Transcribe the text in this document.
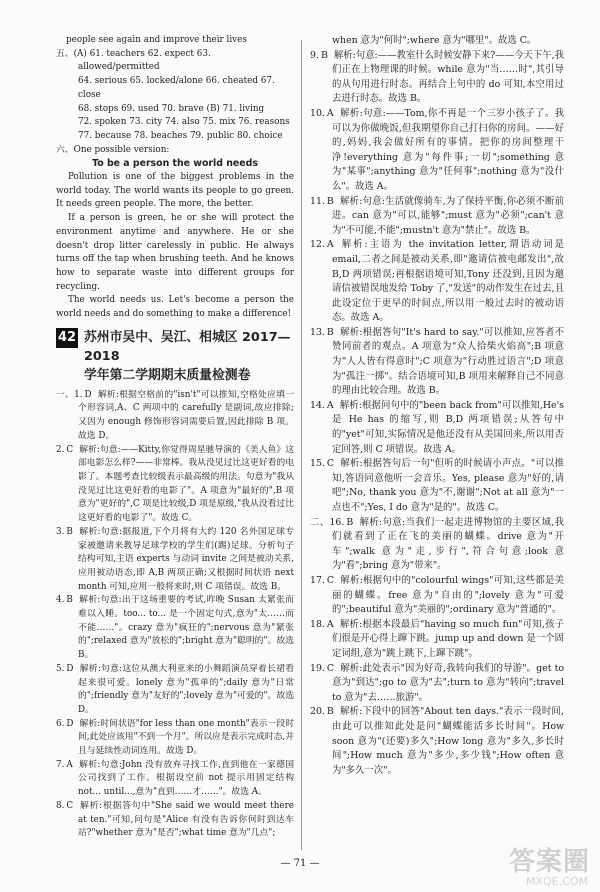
people see again and improve their lives

五、(A) 61. teachers 62. expect 63. allowed/permitted
64. serious 65. locked/alone 66. cheated 67. close
68. stops 69. used 70. brave (B) 71. living
72. spoken 73. city 74. also 75. mix 76. reasons
77. because 78. beaches 79. public 80. choice
六、One possible version:
To be a person the world needs

Pollution is one of the biggest problems in the world today. The world wants its people to go green. It needs green people. The more, the better.

If a person is green, he or she will protect the environment anytime and anywhere. He or she doesn't drop litter carelessly in public. He always turns off the tap when brushing teeth. And he knows how to separate waste into different groups for recycling.

The world needs us. Let's become a person the world needs and do something to make a difference!

42 苏州市吴中、吴江、相城区 2017—2018
学年第二学期期末质量检测卷
一、1. D 解析:根据空格前的"isn't"可以推知,空格处应填一个形容词,A、C 两项中的 carefully 是副词,故应排除;又因为 enough 修饰形容词需要后置,因此排除 B 项。故选 D。
2. C 解析:句意:——Kitty,你觉得周星驰导演的《美人鱼》这部电影怎么样?——非常棒。我从没见过比这更好看的电影了。本题考查比较级表示最高级的用法。句意为"我从没见过比这更好看的电影了"。A 项意为"最好的",B 项意为"更好的",C 项是比较级,D 项是原级,"我从没看过比这更好看的电影了"。故选 C。
3. B 解析:句意:据报道,下个月将有大约 120 名外国足球专家被邀请来教导足球学校的学生们(踢)足球。分析句子结构可知,主语 experts 与动词 invite 之间是被动关系,应用被动语态,即 A,B 两项正确;又根据时间状语 next month 可知,应用一般将来时,则 C 项错误。故选 B。
4. B 解析:句意:出于这场重要的考试,昨晚 Susan 太紧张而难以入睡。too... to... 是一个固定句式,意为"太……而不能……"。crazy 意为"疯狂的";nervous 意为"紧张的";relaxed 意为"放松的";bright 意为"聪明的"。故选 B。
5. D 解析:句意:这位从澳大利亚来的小舞蹈演员穿着长裙看起来很可爱。lonely 意为"孤单的";daily 意为"日常的";friendly 意为"友好的";lovely 意为"可爱的"。故选 D。
6. D 解析:时间状语"for less than one month"表示一段时间,此处应该用"不到一个月"。所以应是表示完成时态,并且与延续性动词连用。故选 D。
7. A 解析:句意:John 没有放弃寻找工作,直到他在一家德国公司找到了工作。根据设空前 not 提示用固定结构 not... until...,意为"直到……才……"。故选 A。
8. C 解析:根据答句中"She said we would meet there at ten."可知,问句是"Alice 有没有告诉你何时到达车站?"whether 意为"是否";what time 意为"几点";

when 意为"何时";where 意为"哪里"。故选 C。

9. B 解析:句意:——教室什么时候安静下来?——今天下午,我们正在上物理课的时候。while 意为"当……时",其引导的从句用进行时态。再结合上句中的 do 可知,本空用过去进行时态。故选 B。
10. A 解析:句意:——Tom,你不再是一个三岁小孩子了。我可以为你做晚饭,但我期望你自己打扫你的房间。——好的,妈妈,我会做好所有的事情。把你的房间整理干净!everything 意为"每件事;一切";something 意为"某事";anything 意为"任何事";nothing 意为"没什么"。故选 A。
11. B 解析:句意:生活就像骑车,为了保持平衡,你必须不断前进。can 意为"可以,能够";must 意为"必须";can't 意为"不可能,不能";mustn't 意为"禁止"。故选 B。
12. A 解析:主语为 the invitation letter,谓语动词是 email,二者之间是被动关系,即"邀请信被电邮发出",故 B,D 两项错误;再根据语境可知,Tony 还没到,且因为邀请信被错误地发给 Toby 了,"发送"的动作发生在过去,且此设定位于更早的时间点,所以用一般过去时的被动语态。故选 A。
13. B 解析:根据答句"It's hard to say."可以推知,应答者不赞同前者的观点。A 项意为"众人拾柴火焰高";B 项意为"人人皆有得意时";C 项意为"行动胜过语言";D 项意为"孤注一掷"。结合语境可知,B 项用来解释自己不同意的理由比较合理。故选 B。
14. A 解析:根据问句中的"been back from"可以推知,He's 是 He has 的缩写,则 B,D 两项错误;从答句中的"yet"可知,实际情况是他还没有从美国回来,所以用否定回答,则 C 项错误。故选 A。
15. C 解析:根据答句后一句"但听的时候请小声点。"可以推知,答语同意他听一会音乐。Yes, please 意为"好的,请吧";No, thank you 意为"不,谢谢";Not at all 意为"一点也不";Yes, I do 意为"是的"。故选 C。
二、16. B 解析:句意:当我们一起走进博物馆的主要区域,我们就看到了正在飞的美丽的蝴蝶。drive 意为"开车";walk 意为"走,步行",符合句意;look 意为"看";bring 意为"带来"。
17. C 解析:根据句中的"colourful wings"可知,这些都是美丽的蝴蝶。free 意为"自由的";lovely 意为"可爱的";beautiful 意为"美丽的";ordinary 意为"普通的"。
18. A 解析:根据本段最后"having so much fun"可知,孩子们很是开心得上蹿下跳。jump up and down 是一个固定词组,意为"跳上跳下,上蹿下跳"。
19. C 解析:此处表示"因为好奇,我转向我们的导游"。get to 意为"到达";go to 意为"去";turn to 意为"转向";travel to 意为"去……旅游"。
20. B 解析:下段中的回答"About ten days."表示一段时间,由此可以推知此处是问"蝴蝶能活多长时间"。How soon 意为"(还要)多久";How long 意为"多久,多长时间";How much 意为"多少,多少钱";How often 意为"多久一次"。
— 71 —	答案圈
MXQE.COM
